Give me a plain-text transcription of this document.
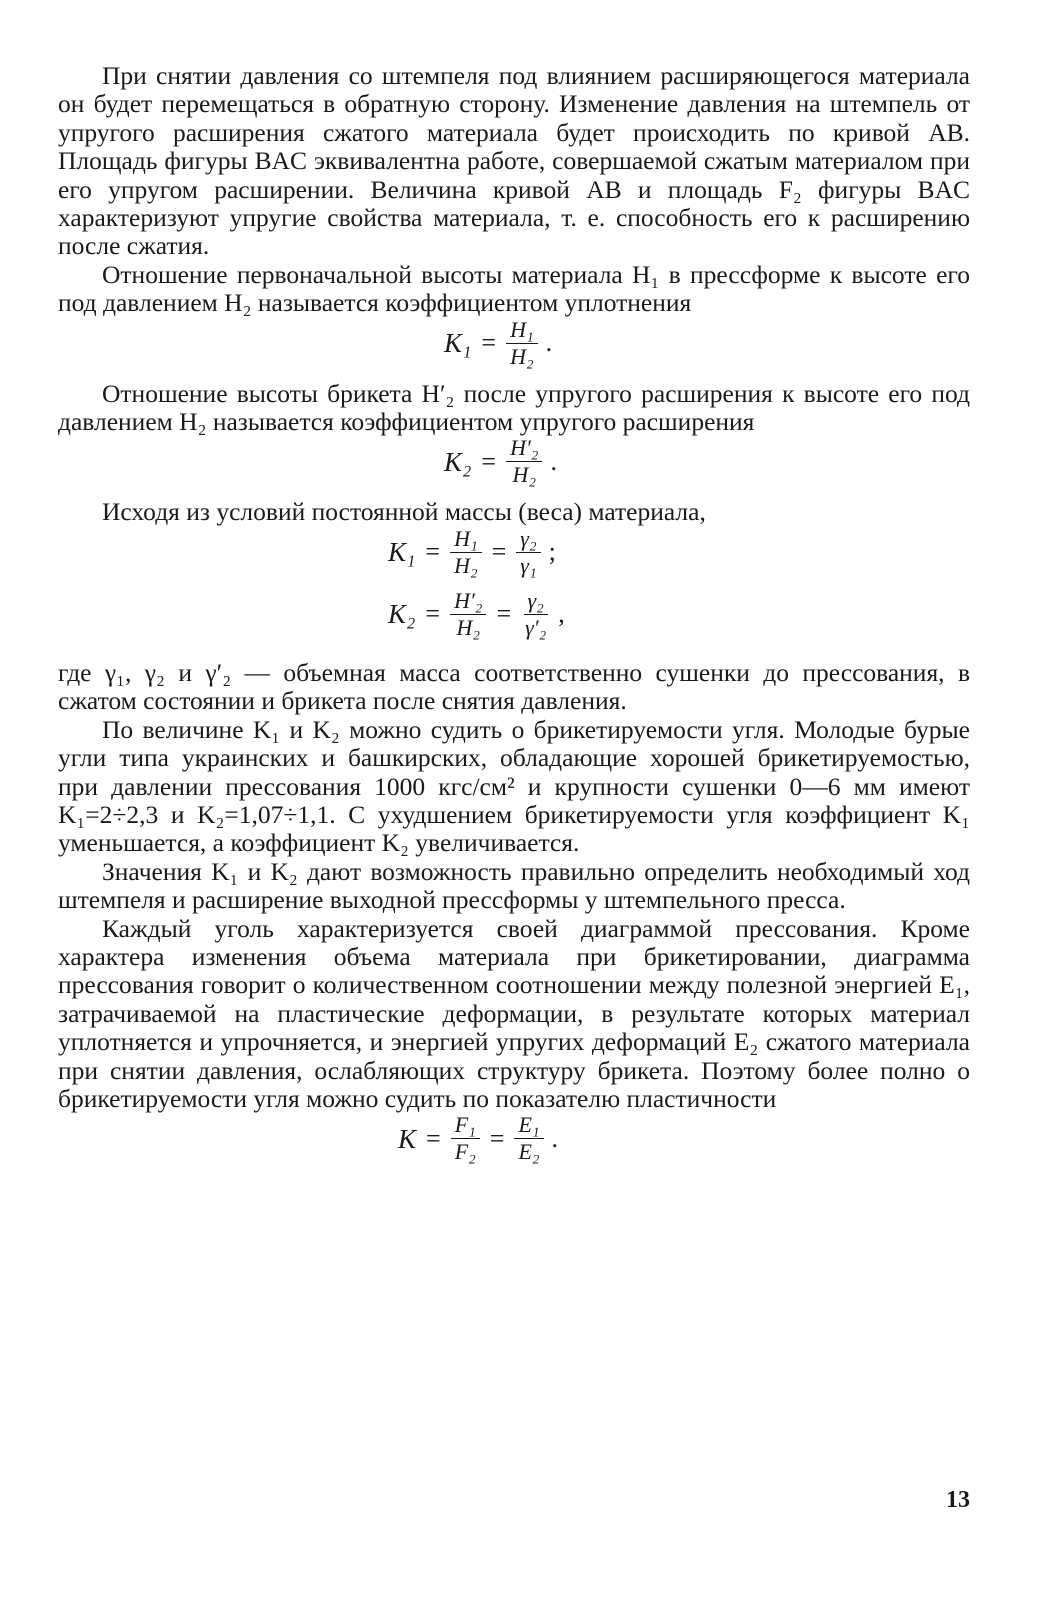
При снятии давления со штемпеля под влиянием расширяющегося материала он будет перемещаться в обратную сторону. Изменение давления на штемпель от упругого расширения сжатого материала будет происходить по кривой AB. Площадь фигуры BAC эквивалентна работе, совершаемой сжатым материалом при его упругом расширении. Величина кривой AB и площадь F₂ фигуры BAC характеризуют упругие свойства материала, т. е. способность его к расширению после сжатия.

Отношение первоначальной высоты материала H₁ в прессформе к высоте его под давлением H₂ называется коэффициентом уплотнения

$K_1 = \frac{\text{H₁}}{\text{H₂}}$ .

Отношение высоты брикета H′₂ после упругого расширения к высоте его под давлением H₂ называется коэффициентом упругого расширения

$K_2 = \frac{\text{H′₂}}{\text{H₂}}$ .

Исходя из условий постоянной массы (веса) материала,

$K_1 = \frac{\text{H₁}}{\text{H₂}} = \frac{\text{γ₂}}{\text{γ₁}}$ ;
$K_2 = \frac{\text{H′₂}}{\text{H₂}} = \frac{\text{γ₂}}{\text{γ′₂}}$ ,

где γ₁, γ₂ и γ′₂ — объемная масса соответственно сушенки до прессования, в сжатом состоянии и брикета после снятия давления.

По величине K₁ и K₂ можно судить о брикетируемости угля. Молодые бурые угли типа украинских и башкирских, обладающие хорошей брикетируемостью, при давлении прессования 1000 кгс/см² и крупности сушенки 0—6 мм имеют K₁=2÷2,3 и K₂=1,07÷1,1. С ухудшением брикетируемости угля коэффициент K₁ уменьшается, а коэффициент K₂ увеличивается.

Значения K₁ и K₂ дают возможность правильно определить необходимый ход штемпеля и расширение выходной прессформы у штемпельного пресса.

Каждый уголь характеризуется своей диаграммой прессования. Кроме характера изменения объема материала при брикетировании, диаграмма прессования говорит о количественном соотношении между полезной энергией E₁, затрачиваемой на пластические деформации, в результате которых материал уплотняется и упрочняется, и энергией упругих деформаций E₂ сжатого материала при снятии давления, ослабляющих структуру брикета. Поэтому более полно о брикетируемости угля можно судить по показателю пластичности

$K = \frac{\text{F₁}}{\text{F₂}} = \frac{\text{E₁}}{\text{E₂}}$ .
13
